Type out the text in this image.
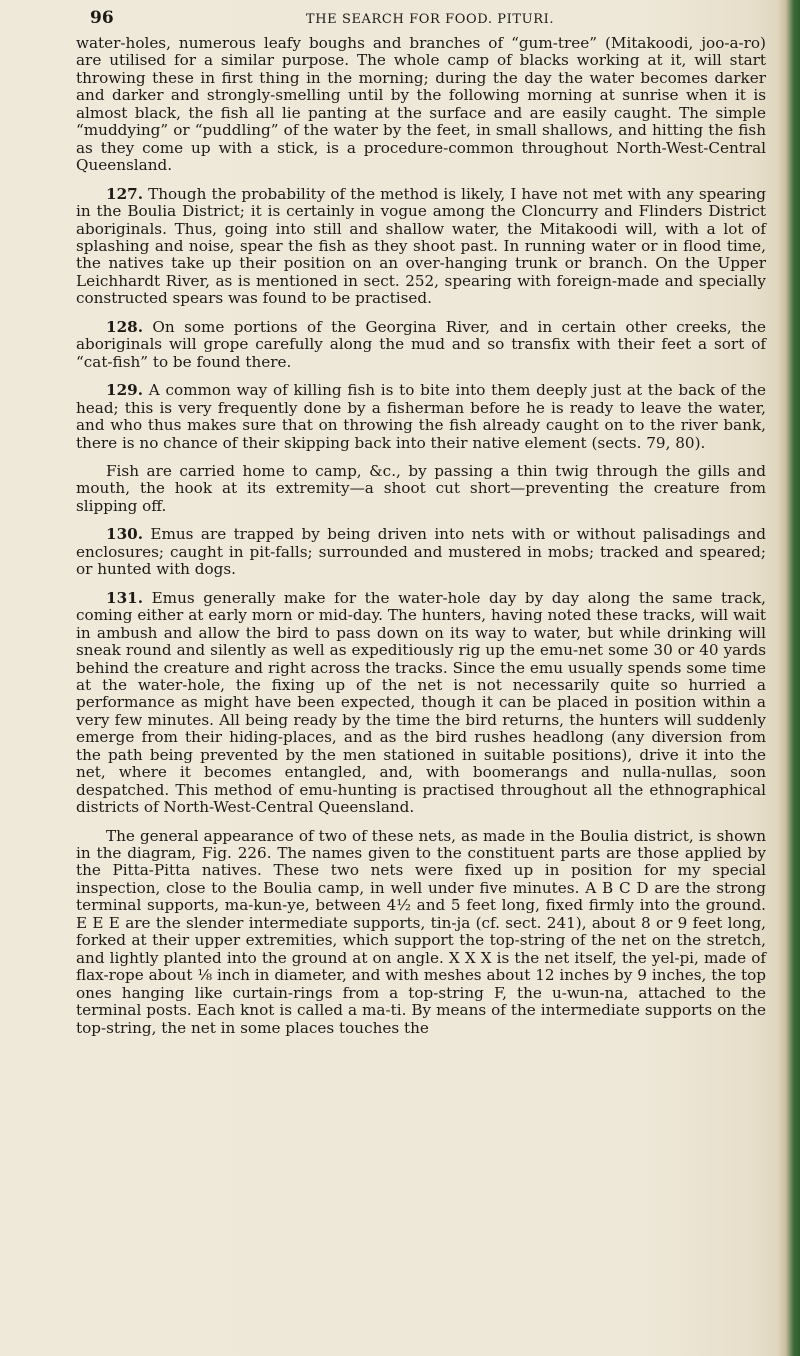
96	THE SEARCH FOR FOOD. PITURI.

water-holes, numerous leafy boughs and branches of “gum-tree” (Mitakoodi, joo-a-ro) are utilised for a similar purpose. The whole camp of blacks working at it, will start throwing these in first thing in the morning; during the day the water becomes darker and darker and strongly-smelling until by the following morning at sunrise when it is almost black, the fish all lie panting at the surface and are easily caught. The simple “muddying” or “puddling” of the water by the feet, in small shallows, and hitting the fish as they come up with a stick, is a procedure-common throughout North-West-Central Queensland.

127. Though the probability of the method is likely, I have not met with any spearing in the Boulia District; it is certainly in vogue among the Cloncurry and Flinders District aboriginals. Thus, going into still and shallow water, the Mitakoodi will, with a lot of splashing and noise, spear the fish as they shoot past. In running water or in flood time, the natives take up their position on an over-hanging trunk or branch. On the Upper Leichhardt River, as is mentioned in sect. 252, spearing with foreign-made and specially constructed spears was found to be practised.

128. On some portions of the Georgina River, and in certain other creeks, the aboriginals will grope carefully along the mud and so transfix with their feet a sort of “cat-fish” to be found there.

129. A common way of killing fish is to bite into them deeply just at the back of the head; this is very frequently done by a fisherman before he is ready to leave the water, and who thus makes sure that on throwing the fish already caught on to the river bank, there is no chance of their skipping back into their native element (sects. 79, 80).

Fish are carried home to camp, &c., by passing a thin twig through the gills and mouth, the hook at its extremity—a shoot cut short—preventing the creature from slipping off.

130. Emus are trapped by being driven into nets with or without palisadings and enclosures; caught in pit-falls; surrounded and mustered in mobs; tracked and speared; or hunted with dogs.

131. Emus generally make for the water-hole day by day along the same track, coming either at early morn or mid-day. The hunters, having noted these tracks, will wait in ambush and allow the bird to pass down on its way to water, but while drinking will sneak round and silently as well as expeditiously rig up the emu-net some 30 or 40 yards behind the creature and right across the tracks. Since the emu usually spends some time at the water-hole, the fixing up of the net is not necessarily quite so hurried a performance as might have been expected, though it can be placed in position within a very few minutes. All being ready by the time the bird returns, the hunters will suddenly emerge from their hiding-places, and as the bird rushes headlong (any diversion from the path being prevented by the men stationed in suitable positions), drive it into the net, where it becomes entangled, and, with boomerangs and nulla-nullas, soon despatched. This method of emu-hunting is practised throughout all the ethnographical districts of North-West-Central Queensland.

The general appearance of two of these nets, as made in the Boulia district, is shown in the diagram, Fig. 226. The names given to the constituent parts are those applied by the Pitta-Pitta natives. These two nets were fixed up in position for my special inspection, close to the Boulia camp, in well under five minutes. A B C D are the strong terminal supports, ma-kun-ye, between 4½ and 5 feet long, fixed firmly into the ground. E E E are the slender intermediate supports, tin-ja (cf. sect. 241), about 8 or 9 feet long, forked at their upper extremities, which support the top-string of the net on the stretch, and lightly planted into the ground at on angle. X X X is the net itself, the yel-pi, made of flax-rope about ⅛ inch in diameter, and with meshes about 12 inches by 9 inches, the top ones hanging like curtain-rings from a top-string F, the u-wun-na, attached to the terminal posts. Each knot is called a ma-ti. By means of the intermediate supports on the top-string, the net in some places touches the
